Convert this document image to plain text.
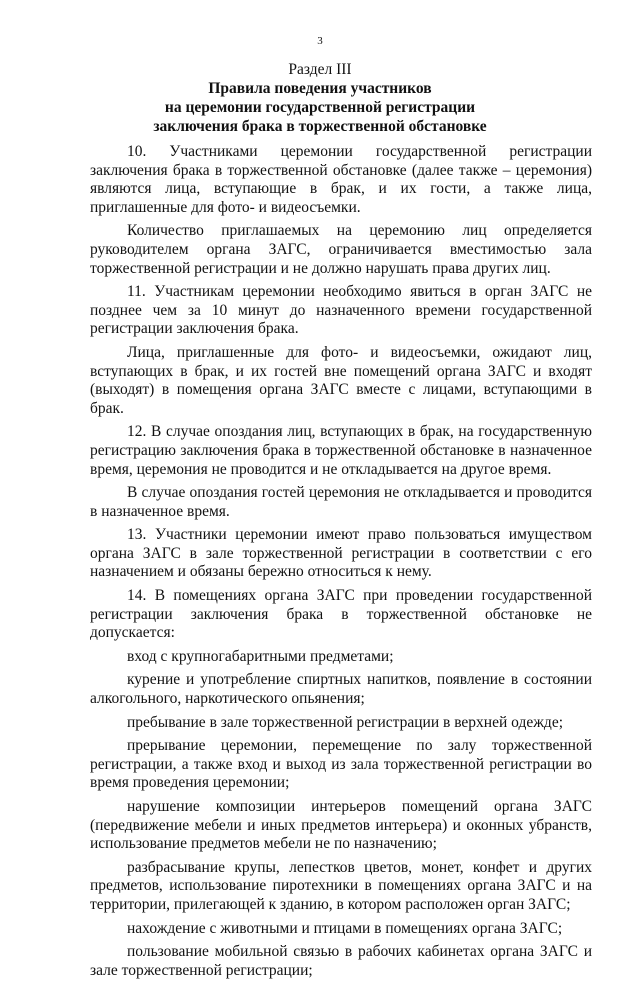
3
Раздел III
Правила поведения участников
на церемонии государственной регистрации
заключения брака в торжественной обстановке

10. Участниками церемонии государственной регистрации заключения брака в торжественной обстановке (далее также – церемония) являются лица, вступающие в брак, и их гости, а также лица, приглашенные для фото- и видеосъемки.

Количество приглашаемых на церемонию лиц определяется руководителем органа ЗАГС, ограничивается вместимостью зала торжественной регистрации и не должно нарушать права других лиц.

11. Участникам церемонии необходимо явиться в орган ЗАГС не позднее чем за 10 минут до назначенного времени государственной регистрации заключения брака.

Лица, приглашенные для фото- и видеосъемки, ожидают лиц, вступающих в брак, и их гостей вне помещений органа ЗАГС и входят (выходят) в помещения органа ЗАГС вместе с лицами, вступающими в брак.

12. В случае опоздания лиц, вступающих в брак, на государственную регистрацию заключения брака в торжественной обстановке в назначенное время, церемония не проводится и не откладывается на другое время.

В случае опоздания гостей церемония не откладывается и проводится в назначенное время.

13. Участники церемонии имеют право пользоваться имуществом органа ЗАГС в зале торжественной регистрации в соответствии с его назначением и обязаны бережно относиться к нему.

14. В помещениях органа ЗАГС при проведении государственной регистрации заключения брака в торжественной обстановке не допускается:

вход с крупногабаритными предметами;

курение и употребление спиртных напитков, появление в состоянии алкогольного, наркотического опьянения;

пребывание в зале торжественной регистрации в верхней одежде;

прерывание церемонии, перемещение по залу торжественной регистрации, а также вход и выход из зала торжественной регистрации во время проведения церемонии;

нарушение композиции интерьеров помещений органа ЗАГС (передвижение мебели и иных предметов интерьера) и оконных убранств, использование предметов мебели не по назначению;

разбрасывание крупы, лепестков цветов, монет, конфет и других предметов, использование пиротехники в помещениях органа ЗАГС и на территории, прилегающей к зданию, в котором расположен орган ЗАГС;

нахождение с животными и птицами в помещениях органа ЗАГС;

пользование мобильной связью в рабочих кабинетах органа ЗАГС и зале торжественной регистрации;
